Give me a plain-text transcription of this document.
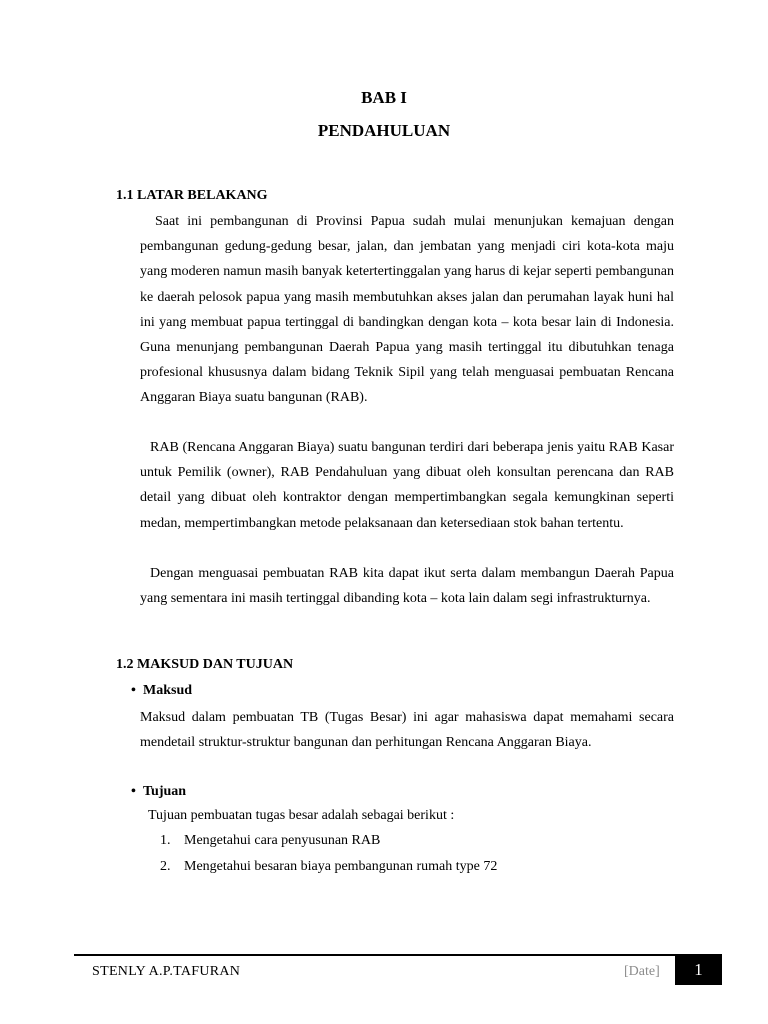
BAB I
PENDAHULUAN
1.1 LATAR BELAKANG
Saat ini pembangunan di Provinsi Papua sudah mulai menunjukan kemajuan dengan pembangunan gedung-gedung besar, jalan, dan jembatan yang menjadi ciri kota-kota maju yang moderen namun masih banyak ketertertinggalan yang harus di kejar seperti pembangunan ke daerah pelosok papua yang masih membutuhkan akses jalan dan perumahan layak huni hal ini yang membuat papua tertinggal di bandingkan dengan kota – kota besar lain di Indonesia. Guna menunjang pembangunan Daerah Papua yang masih tertinggal itu dibutuhkan tenaga profesional khususnya dalam bidang Teknik Sipil yang telah menguasai pembuatan Rencana Anggaran Biaya suatu bangunan (RAB).
RAB (Rencana Anggaran Biaya) suatu bangunan terdiri dari beberapa jenis yaitu RAB Kasar untuk Pemilik (owner), RAB Pendahuluan yang dibuat oleh konsultan perencana dan RAB detail yang dibuat oleh kontraktor dengan mempertimbangkan segala kemungkinan seperti medan, mempertimbangkan metode pelaksanaan dan ketersediaan stok bahan tertentu.
Dengan menguasai pembuatan RAB kita dapat ikut serta dalam membangun Daerah Papua yang sementara ini masih tertinggal dibanding kota – kota lain dalam segi infrastrukturnya.
1.2 MAKSUD DAN TUJUAN
• Maksud
Maksud dalam pembuatan TB (Tugas Besar) ini agar mahasiswa dapat memahami secara mendetail struktur-struktur bangunan dan perhitungan Rencana Anggaran Biaya.
• Tujuan
Tujuan pembuatan tugas besar adalah sebagai berikut :
1. Mengetahui cara penyusunan RAB
2. Mengetahui besaran biaya pembangunan rumah type 72
STENLY A.P.TAFURAN	[Date]	1
